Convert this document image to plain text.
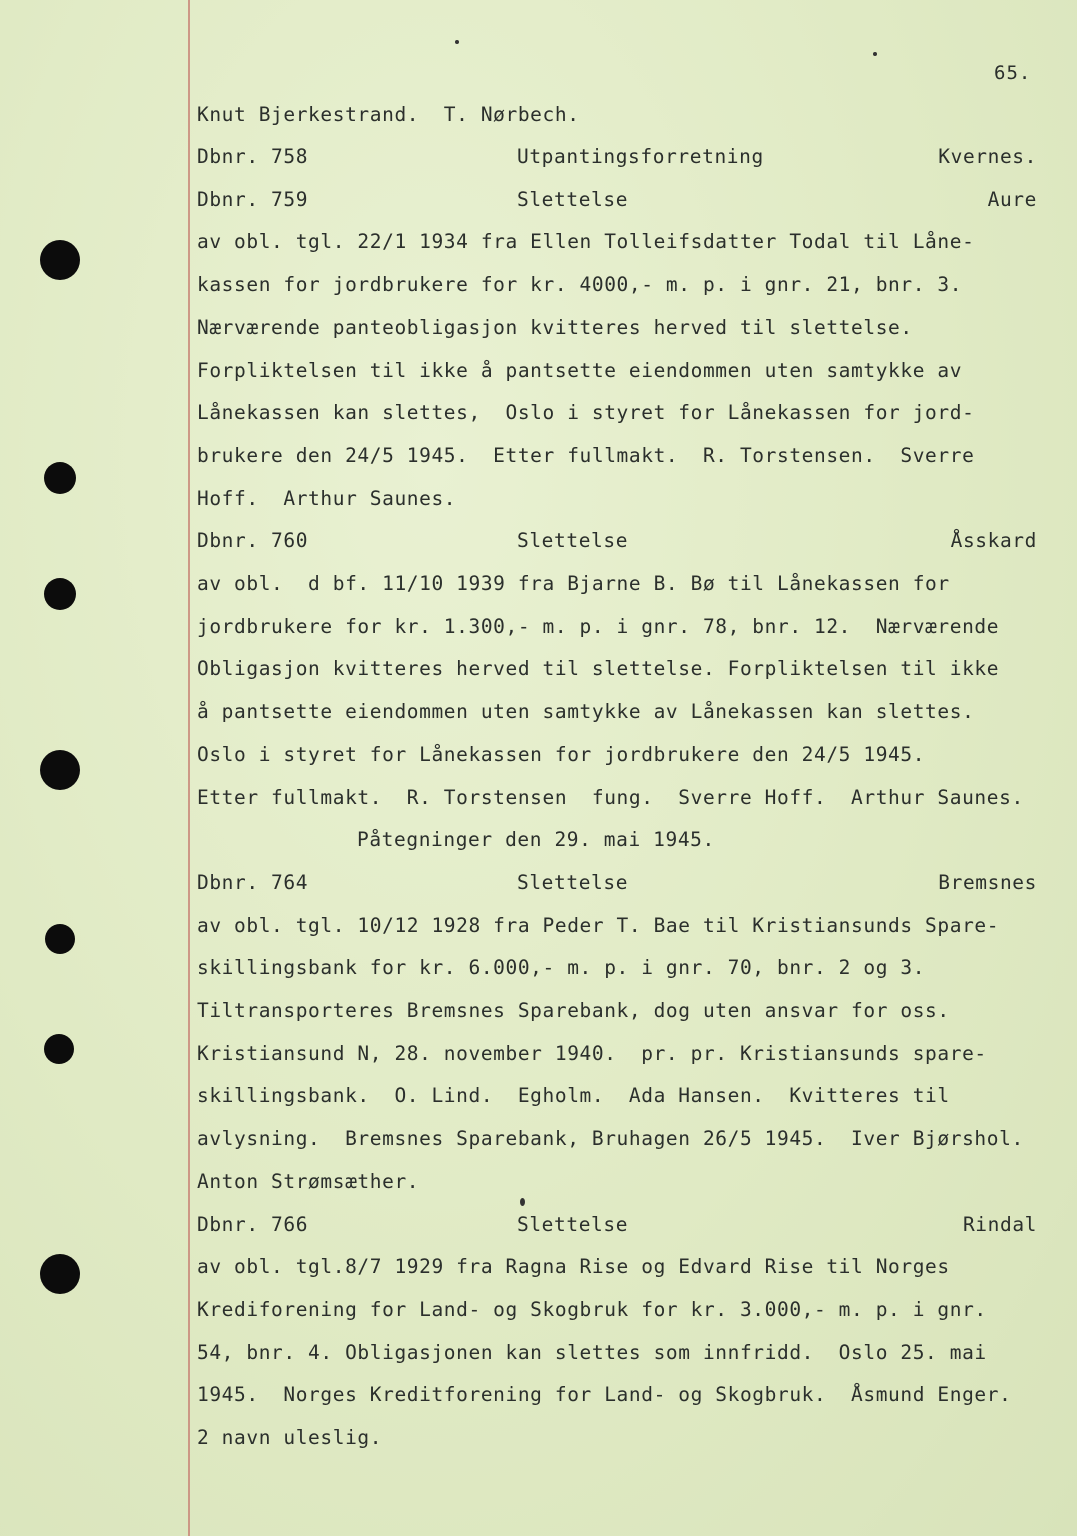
65.
Knut Bjerkestrand.  T. Nørbech.
Dbnr. 758	Utpantingsforretning	Kvernes.
Dbnr. 759	Slettelse	Aure
av obl. tgl. 22/1 1934 fra Ellen Tolleifsdatter Todal til Låne-
kassen for jordbrukere for kr. 4000,- m. p. i gnr. 21, bnr. 3.
Nærværende panteobligasjon kvitteres herved til slettelse.
Forpliktelsen til ikke å pantsette eiendommen uten samtykke av
Lånekassen kan slettes,  Oslo i styret for Lånekassen for jord-
brukere den 24/5 1945.  Etter fullmakt.  R. Torstensen.  Sverre
Hoff.  Arthur Saunes.
Dbnr. 760	Slettelse	Åsskard
av obl.  d bf. 11/10 1939 fra Bjarne B. Bø til Lånekassen for
jordbrukere for kr. 1.300,- m. p. i gnr. 78, bnr. 12.  Nærværende
Obligasjon kvitteres herved til slettelse. Forpliktelsen til ikke
å pantsette eiendommen uten samtykke av Lånekassen kan slettes.
Oslo i styret for Lånekassen for jordbrukere den 24/5 1945.
Etter fullmakt.  R. Torstensen  fung.  Sverre Hoff.  Arthur Saunes.
Påtegninger den 29. mai 1945.
Dbnr. 764	Slettelse	Bremsnes
av obl. tgl. 10/12 1928 fra Peder T. Bae til Kristiansunds Spare-
skillingsbank for kr. 6.000,- m. p. i gnr. 70, bnr. 2 og 3.
Tiltransporteres Bremsnes Sparebank, dog uten ansvar for oss.
Kristiansund N, 28. november 1940.  pr. pr. Kristiansunds spare-
skillingsbank.  O. Lind.  Egholm.  Ada Hansen.  Kvitteres til
avlysning.  Bremsnes Sparebank, Bruhagen 26/5 1945.  Iver Bjørshol.
Anton Strømsæther.
Dbnr. 766	Slettelse	Rindal
av obl. tgl.8/7 1929 fra Ragna Rise og Edvard Rise til Norges
Krediforening for Land- og Skogbruk for kr. 3.000,- m. p. i gnr.
54, bnr. 4. Obligasjonen kan slettes som innfridd.  Oslo 25. mai
1945.  Norges Kreditforening for Land- og Skogbruk.  Åsmund Enger.
2 navn uleslig.
